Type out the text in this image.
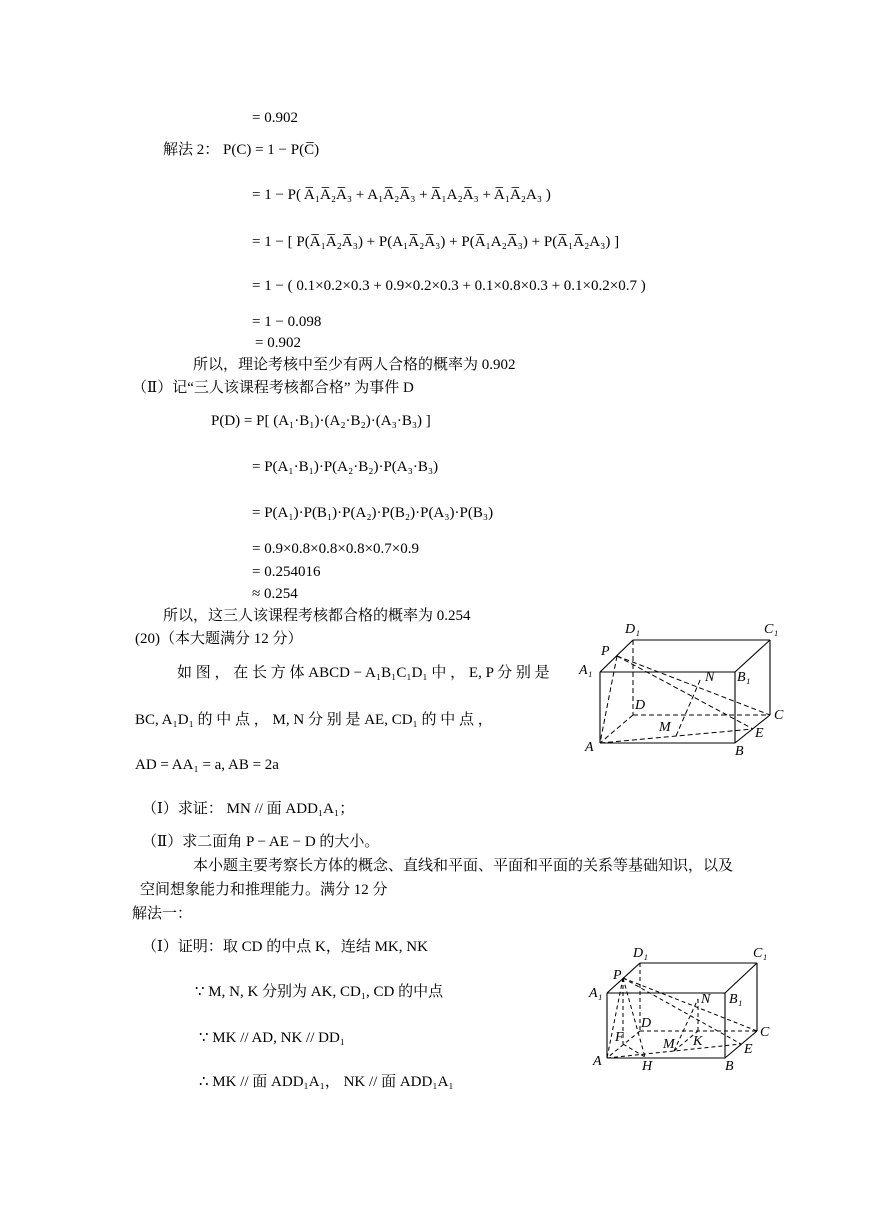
= 0.902
解法 2： P(C) = 1 − P(C̅)
= 1 − P( A̅₁A̅₂A̅₃ + A₁A̅₂A̅₃ + A̅₁A₂A̅₃ + A̅₁A̅₂A₃ )
= 1 − [ P(A̅₁A̅₂A̅₃) + P(A₁A̅₂A̅₃) + P(A̅₁A₂A̅₃) + P(A̅₁A̅₂A₃) ]
= 1 − ( 0.1×0.2×0.3 + 0.9×0.2×0.3 + 0.1×0.8×0.3 + 0.1×0.2×0.7 )
= 1 − 0.098
= 0.902
所以，理论考核中至少有两人合格的概率为 0.902
（Ⅱ）记“三人该课程考核都合格” 为事件 D
P(D) = P[ (A₁·B₁)·(A₂·B₂)·(A₃·B₃) ]
= P(A₁·B₁)·P(A₂·B₂)·P(A₃·B₃)
= P(A₁)·P(B₁)·P(A₂)·P(B₂)·P(A₃)·P(B₃)
= 0.9×0.8×0.8×0.8×0.7×0.9
= 0.254016
≈ 0.254
所以，这三人该课程考核都合格的概率为 0.254
(20)（本大题满分 12 分）
如 图 ， 在 长 方 体 ABCD − A₁B₁C₁D₁ 中 ， E, P 分 别 是
BC, A₁D₁ 的 中 点 ， M, N 分 别 是 AE, CD₁ 的 中 点 ，
AD = AA₁ = a, AB = 2a
（Ⅰ）求证： MN // 面 ADD₁A₁；
（Ⅱ）求二面角 P − AE − D 的大小。
本小题主要考察长方体的概念、直线和平面、平面和平面的关系等基础知识，以及
空间想象能力和推理能力。满分 12 分
解法一：
（Ⅰ）证明：取 CD 的中点 K，连结 MK, NK
∵ M, N, K 分别为 AK, CD₁, CD 的中点
∵ MK // AD, NK // DD₁
∴ MK // 面 ADD₁A₁， NK // 面 ADD₁A₁
D₁	C₁
A₁
P
N B₁
D
C
M	E
A	B
D₁	C₁
P
A₁	N B₁
D
C
F	M K
E
A	H	B
